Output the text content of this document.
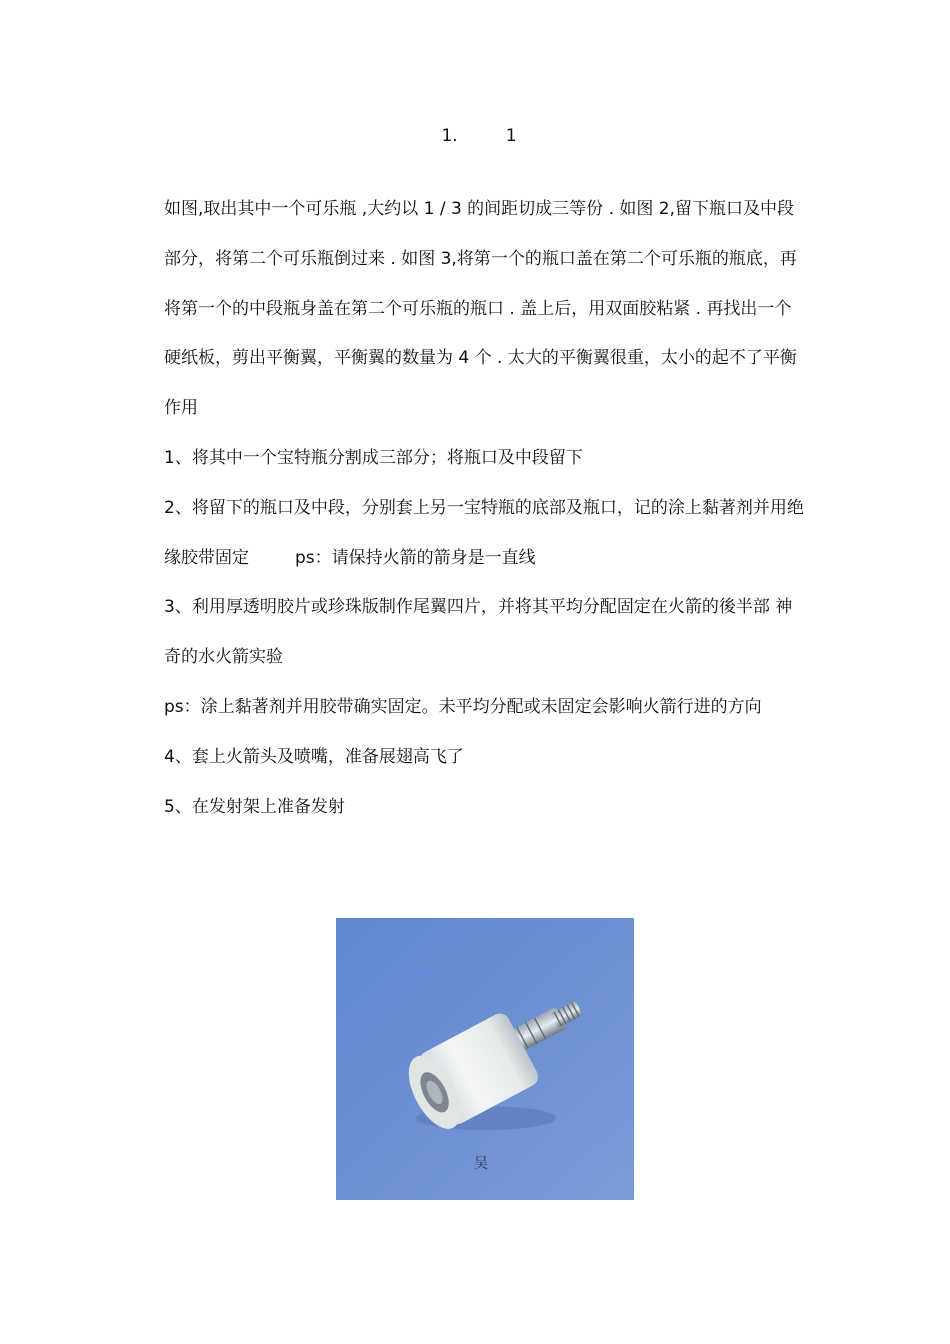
1.	1

如图,取出其中一个可乐瓶 ,大约以 1 / 3 的间距切成三等份 . 如图 2,留下瓶口及中段部分，将第二个可乐瓶倒过来 . 如图 3,将第一个的瓶口盖在第二个可乐瓶的瓶底，再将第一个的中段瓶身盖在第二个可乐瓶的瓶口 . 盖上后，用双面胶粘紧 . 再找出一个硬纸板，剪出平衡翼，平衡翼的数量为 4 个 . 太大的平衡翼很重，太小的起不了平衡作用

1、将其中一个宝特瓶分割成三部分；将瓶口及中段留下

2、将留下的瓶口及中段，分别套上另一宝特瓶的底部及瓶口，记的涂上黏著剂并用绝缘胶带固定	ps：请保持火箭的箭身是一直线

3、利用厚透明胶片或珍珠版制作尾翼四片，并将其平均分配固定在火箭的後半部 神奇的水火箭实验

ps：涂上黏著剂并用胶带确实固定。未平均分配或未固定会影响火箭行进的方向

4、套上火箭头及喷嘴，准备展翅高飞了

5、在发射架上准备发射

吴
